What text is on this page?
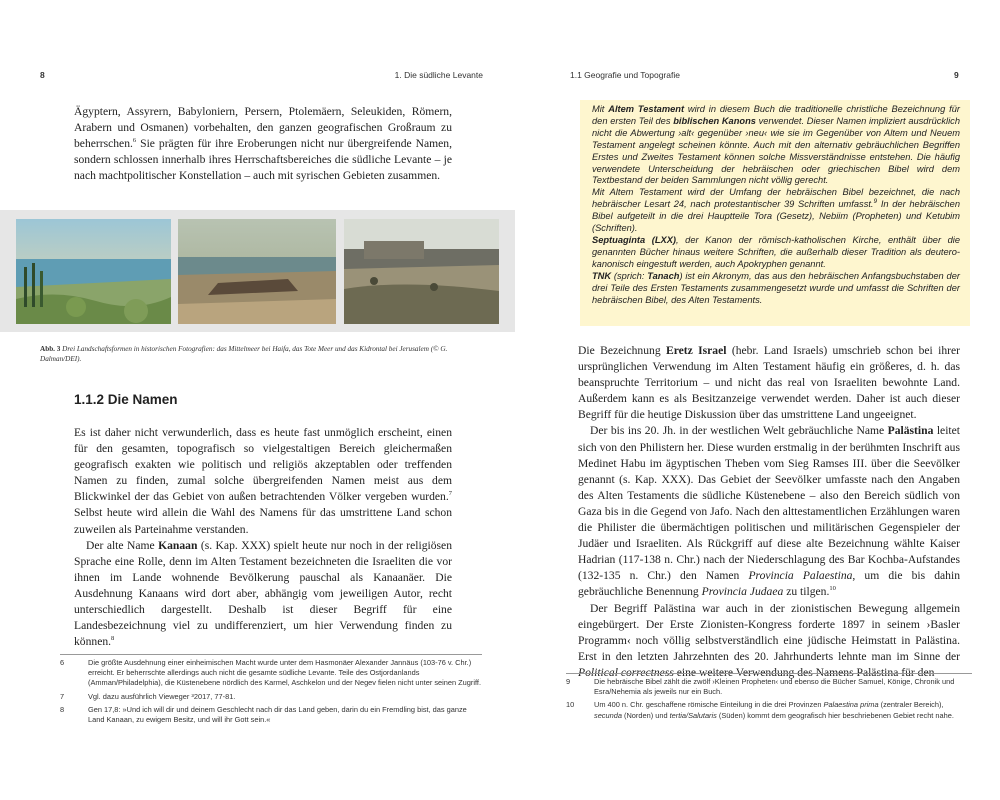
8	1. Die südliche Levante

Ägyptern, Assyrern, Babyloniern, Persern, Ptolemäern, Seleukiden, Römern, Arabern und Osmanen) vorbehalten, den ganzen geografischen Großraum zu beherrschen.$^6$ Sie prägten für ihre Eroberungen nicht nur übergreifende Namen, sondern schlossen innerhalb ihres Herrschaftsbereiches die südliche Levante – je nach machtpolitischer Konstellation – auch mit syrischen Gebieten zusammen.

Abb. 3 Drei Landschaftsformen in historischen Fotografien: das Mittelmeer bei Haifa, das Tote Meer und das Kidrontal bei Jerusalem (© G. Dalman/DEI).
1.1.2 Die Namen

Es ist daher nicht verwunderlich, dass es heute fast unmöglich erscheint, einen für den gesamten, topografisch so vielgestaltigen Bereich gleichermaßen geografisch exakten wie politisch und religiös akzeptablen oder treffenden Namen zu finden, zumal solche übergreifenden Namen meist aus dem Blickwinkel der das Gebiet von außen betrachtenden Völker vergeben wurden.$^7$ Selbst heute wird allein die Wahl des Namens für das umstrittene Land schon zuweilen als Parteinahme verstanden.

Der alte Name Kanaan (s. Kap. XXX) spielt heute nur noch in der religiösen Sprache eine Rolle, denn im Alten Testament bezeichneten die Israeliten die vor ihnen im Lande wohnende Bevölkerung pauschal als Kanaanäer. Die Ausdehnung Kanaans wird dort aber, abhängig vom jeweiligen Autor, recht unterschiedlich dargestellt. Deshalb ist dieser Begriff für eine Landesbezeichnung viel zu undifferenziert, um hier Verwendung finden zu können.$^8$

6	Die größte Ausdehnung einer einheimischen Macht wurde unter dem Hasmonäer Alexander Jannäus (103-76 v. Chr.) erreicht. Er beherrschte allerdings auch nicht die gesamte südliche Levante. Teile des Ostjordanlands (Amman/Philadelphia), die Küstenebene nördlich des Karmel, Aschkelon und der Negev fielen nicht unter seinen Zugriff.
7	Vgl. dazu ausführlich Vieweger ³2017, 77-81.
8	Gen 17,8: »Und ich will dir und deinem Geschlecht nach dir das Land geben, darin du ein Fremdling bist, das ganze Land Kanaan, zu ewigem Besitz, und will ihr Gott sein.«
1.1 Geografie und Topografie	9

Mit Altem Testament wird in diesem Buch die traditionelle christliche Bezeichnung für den ersten Teil des biblischen Kanons verwendet. Dieser Namen impliziert ausdrücklich nicht die Abwertung ›alt‹ gegenüber ›neu‹ wie sie im Gegenüber von Altem und Neuem Testament angelegt scheinen könnte. Auch mit den alternativ gebräuchlichen Begriffen Erstes und Zweites Testament können solche Missverständnisse entstehen. Die häufig verwendete Unterscheidung der hebräischen oder griechischen Bibel wird dem Textbestand der beiden Sammlungen nicht völlig gerecht.

Mit Altem Testament wird der Umfang der hebräischen Bibel bezeichnet, die nach hebräischer Lesart 24, nach protestantischer 39 Schriften umfasst.$^9$ In der hebräischen Bibel aufgeteilt in die drei Hauptteile Tora (Gesetz), Nebiim (Propheten) und Ketubim (Schriften).

Septuaginta (LXX), der Kanon der römisch-katholischen Kirche, enthält über die genannten Bücher hinaus weitere Schriften, die außerhalb dieser Tradition als deutero-kanonisch eingestuft werden, auch Apokryphen genannt.

TNK (sprich: Tanach) ist ein Akronym, das aus den hebräischen Anfangsbuchstaben der drei Teile des Ersten Testaments zusammengesetzt wurde und umfasst die Schriften der hebräischen Bibel, des Alten Testaments.

Die Bezeichnung Eretz Israel (hebr. Land Israels) umschrieb schon bei ihrer ursprünglichen Verwendung im Alten Testament häufig ein größeres, d. h. das beanspruchte Territorium – und nicht das real von Israeliten bewohnte Land. Außerdem kann es als Besitzanzeige verwendet werden. Daher ist auch dieser Begriff für die heutige Diskussion über das umstrittene Land ungeeignet.

Der bis ins 20. Jh. in der westlichen Welt gebräuchliche Name Palästina leitet sich von den Philistern her. Diese wurden erstmalig in der berühmten Inschrift aus Medinet Habu im ägyptischen Theben vom Sieg Ramses III. über die Seevölker genannt (s. Kap. XXX). Das Gebiet der Seevölker umfasste nach den Angaben des Alten Testaments die südliche Küstenebene – also den Bereich südlich von Gaza bis in die Gegend von Jafo. Nach den alttestamentlichen Erzählungen waren die Philister die übermächtigen politischen und militärischen Gegenspieler der Judäer und Israeliten. Als Rückgriff auf diese alte Bezeichnung wählte Kaiser Hadrian (117-138 n. Chr.) nach der Niederschlagung des Bar Kochba-Aufstandes (132-135 n. Chr.) den Namen Provincia Palaestina, um die bis dahin gebräuchliche Benennung Provincia Judaea zu tilgen.$^{10}$

Der Begriff Palästina war auch in der zionistischen Bewegung allgemein eingebürgert. Der Erste Zionisten-Kongress forderte 1897 in seinem ›Basler Programm‹ noch völlig selbstverständlich eine jüdische Heimstatt in Palästina. Erst in den letzten Jahrzehnten des 20. Jahrhunderts lehnte man im Sinne der Political correctness eine weitere Verwendung des Namens Palästina für den

9	Die hebräische Bibel zählt die zwölf ›Kleinen Propheten‹ und ebenso die Bücher Samuel, Könige, Chronik und Esra/Nehemia als jeweils nur ein Buch.
10	Um 400 n. Chr. geschaffene römische Einteilung in die drei Provinzen Palaestina prima (zentraler Bereich), secunda (Norden) und tertia/Salutaris (Süden) kommt dem geografisch hier beschriebenen Gebiet recht nahe.
